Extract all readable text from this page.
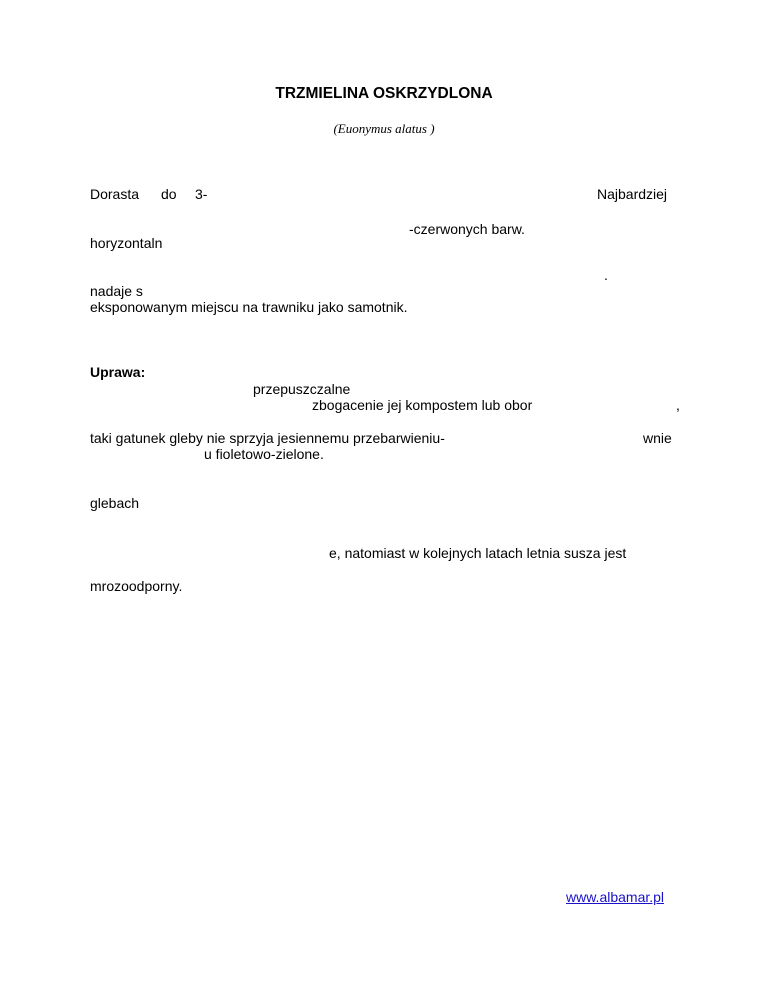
TRZMIELINA OSKRZYDLONA
(Euonymus alatus )
Dorasta do 3-	Najbardziej
-czerwonych barw.
horyzontaln
.
nadaje s
eksponowanym miejscu na trawniku jako samotnik.
Uprawa:
przepuszczalne
zbogacenie jej kompostem lub obor	,
taki gatunek gleby nie sprzyja jesiennemu przebarwieniu-	wnie
u fioletowo-zielone.
glebach
e, natomiast w kolejnych latach letnia susza jest
mrozoodporny.
www.albamar.pl
